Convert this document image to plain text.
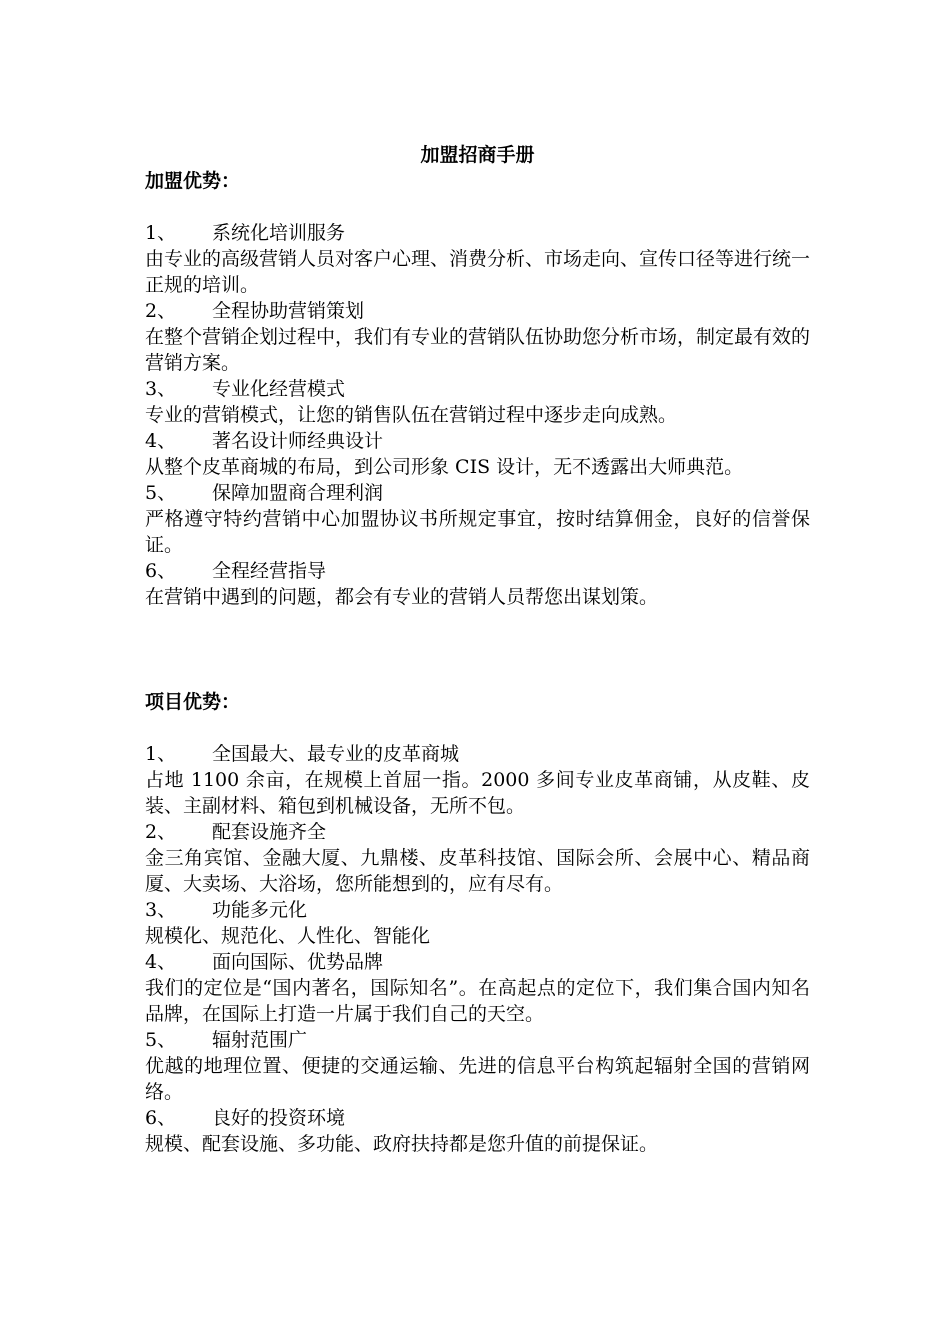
加盟招商手册

加盟优势：

1、 系统化培训服务

由专业的高级营销人员对客户心理、消费分析、市场走向、宣传口径等进行统一正规的培训。

2、 全程协助营销策划

在整个营销企划过程中，我们有专业的营销队伍协助您分析市场，制定最有效的营销方案。

3、 专业化经营模式

专业的营销模式，让您的销售队伍在营销过程中逐步走向成熟。

4、 著名设计师经典设计

从整个皮革商城的布局，到公司形象 CIS 设计，无不透露出大师典范。

5、 保障加盟商合理利润

严格遵守特约营销中心加盟协议书所规定事宜，按时结算佣金，良好的信誉保证。

6、 全程经营指导

在营销中遇到的问题，都会有专业的营销人员帮您出谋划策。

项目优势：

1、 全国最大、最专业的皮革商城

占地 1100 余亩，在规模上首屈一指。2000 多间专业皮革商铺，从皮鞋、皮装、主副材料、箱包到机械设备，无所不包。

2、 配套设施齐全

金三角宾馆、金融大厦、九鼎楼、皮革科技馆、国际会所、会展中心、精品商厦、大卖场、大浴场，您所能想到的，应有尽有。

3、 功能多元化

规模化、规范化、人性化、智能化

4、 面向国际、优势品牌

我们的定位是“国内著名，国际知名”。在高起点的定位下，我们集合国内知名品牌，在国际上打造一片属于我们自己的天空。

5、 辐射范围广

优越的地理位置、便捷的交通运输、先进的信息平台构筑起辐射全国的营销网络。

6、 良好的投资环境

规模、配套设施、多功能、政府扶持都是您升值的前提保证。
